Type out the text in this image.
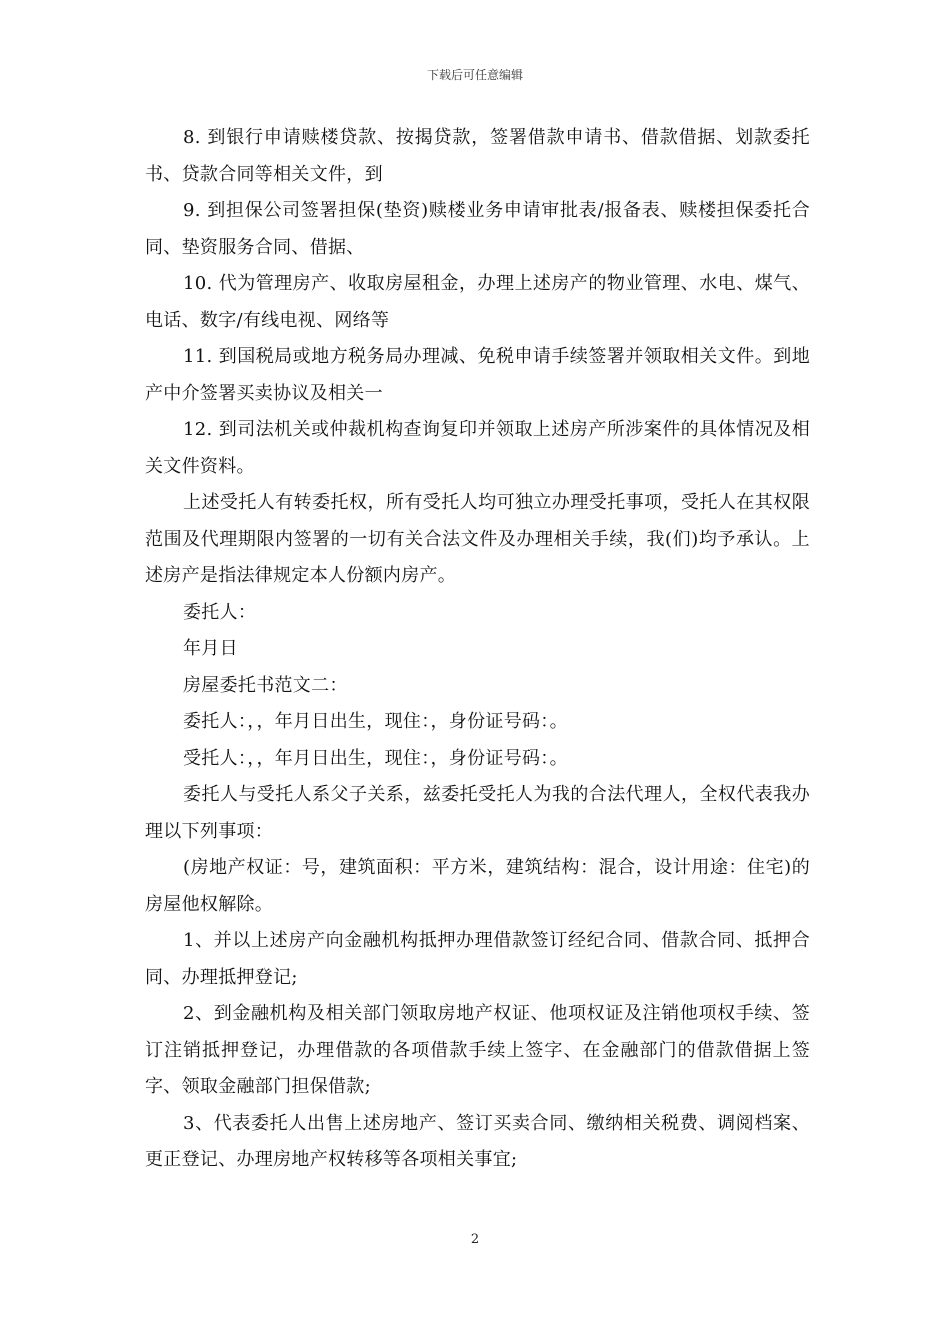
下载后可任意编辑

8. 到银行申请赎楼贷款、按揭贷款，签署借款申请书、借款借据、划款委托书、贷款合同等相关文件，到

9. 到担保公司签署担保(垫资)赎楼业务申请审批表/报备表、赎楼担保委托合同、垫资服务合同、借据、

10. 代为管理房产、收取房屋租金，办理上述房产的物业管理、水电、煤气、电话、数字/有线电视、网络等

11. 到国税局或地方税务局办理减、免税申请手续签署并领取相关文件。到地产中介签署买卖协议及相关一

12. 到司法机关或仲裁机构查询复印并领取上述房产所涉案件的具体情况及相关文件资料。

上述受托人有转委托权，所有受托人均可独立办理受托事项，受托人在其权限范围及代理期限内签署的一切有关合法文件及办理相关手续，我(们)均予承认。上述房产是指法律规定本人份额内房产。

委托人：

年月日

房屋委托书范文二：

委托人：，，年月日出生，现住：，身份证号码：。

受托人：，，年月日出生，现住：，身份证号码：。

委托人与受托人系父子关系，兹委托受托人为我的合法代理人，全权代表我办理以下列事项：

(房地产权证：号，建筑面积：平方米，建筑结构：混合，设计用途：住宅)的房屋他权解除。

1、并以上述房产向金融机构抵押办理借款签订经纪合同、借款合同、抵押合同、办理抵押登记;

2、到金融机构及相关部门领取房地产权证、他项权证及注销他项权手续、签订注销抵押登记，办理借款的各项借款手续上签字、在金融部门的借款借据上签字、领取金融部门担保借款;

3、代表委托人出售上述房地产、签订买卖合同、缴纳相关税费、调阅档案、更正登记、办理房地产权转移等各项相关事宜;

2
